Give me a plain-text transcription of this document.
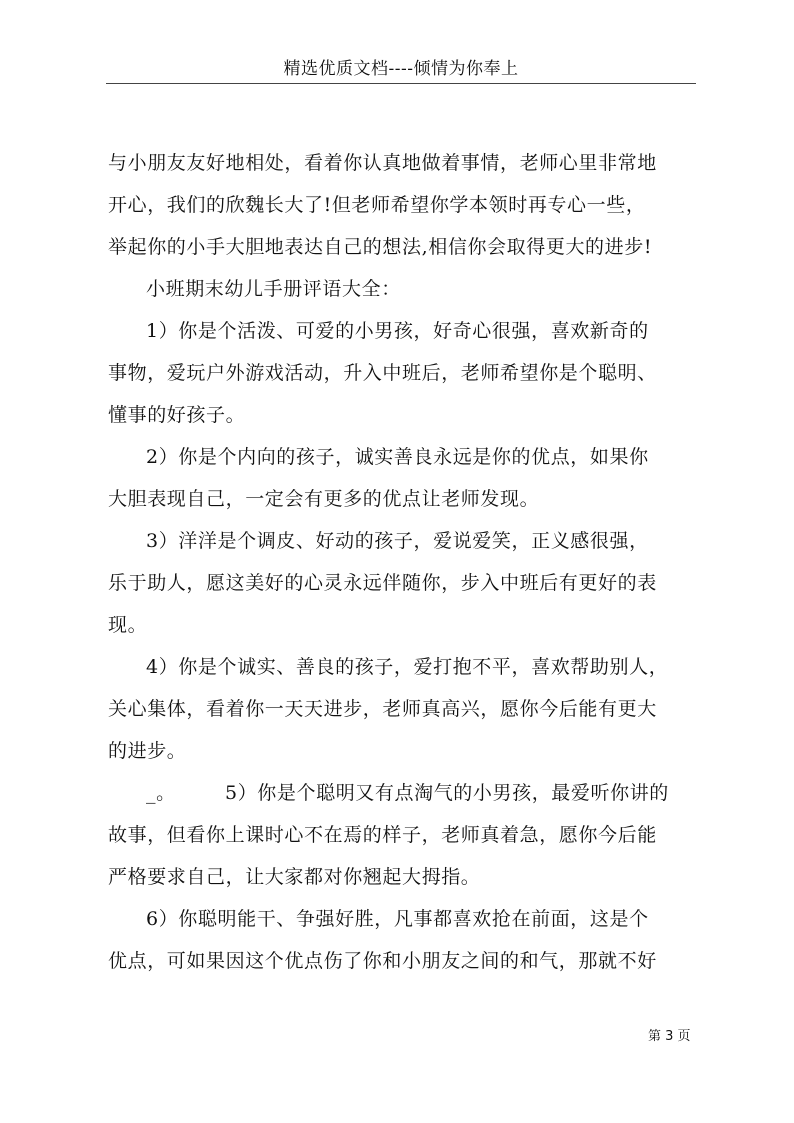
精选优质文档----倾情为你奉上
与小朋友友好地相处，看着你认真地做着事情，老师心里非常地
开心，我们的欣魏长大了!但老师希望你学本领时再专心一些，
举起你的小手大胆地表达自己的想法,相信你会取得更大的进步!
小班期末幼儿手册评语大全：
1）你是个活泼、可爱的小男孩，好奇心很强，喜欢新奇的
事物，爱玩户外游戏活动，升入中班后，老师希望你是个聪明、
懂事的好孩子。
2）你是个内向的孩子，诚实善良永远是你的优点，如果你
大胆表现自己，一定会有更多的优点让老师发现。
3）洋洋是个调皮、好动的孩子，爱说爱笑，正义感很强，
乐于助人，愿这美好的心灵永远伴随你，步入中班后有更好的表
现。
4）你是个诚实、善良的孩子，爱打抱不平，喜欢帮助别人，
关心集体，看着你一天天进步，老师真高兴，愿你今后能有更大
的进步。
_。　　　5）你是个聪明又有点淘气的小男孩，最爱听你讲的
故事，但看你上课时心不在焉的样子，老师真着急，愿你今后能
严格要求自己，让大家都对你翘起大拇指。
6）你聪明能干、争强好胜，凡事都喜欢抢在前面，这是个
优点，可如果因这个优点伤了你和小朋友之间的和气，那就不好
第 3 页
